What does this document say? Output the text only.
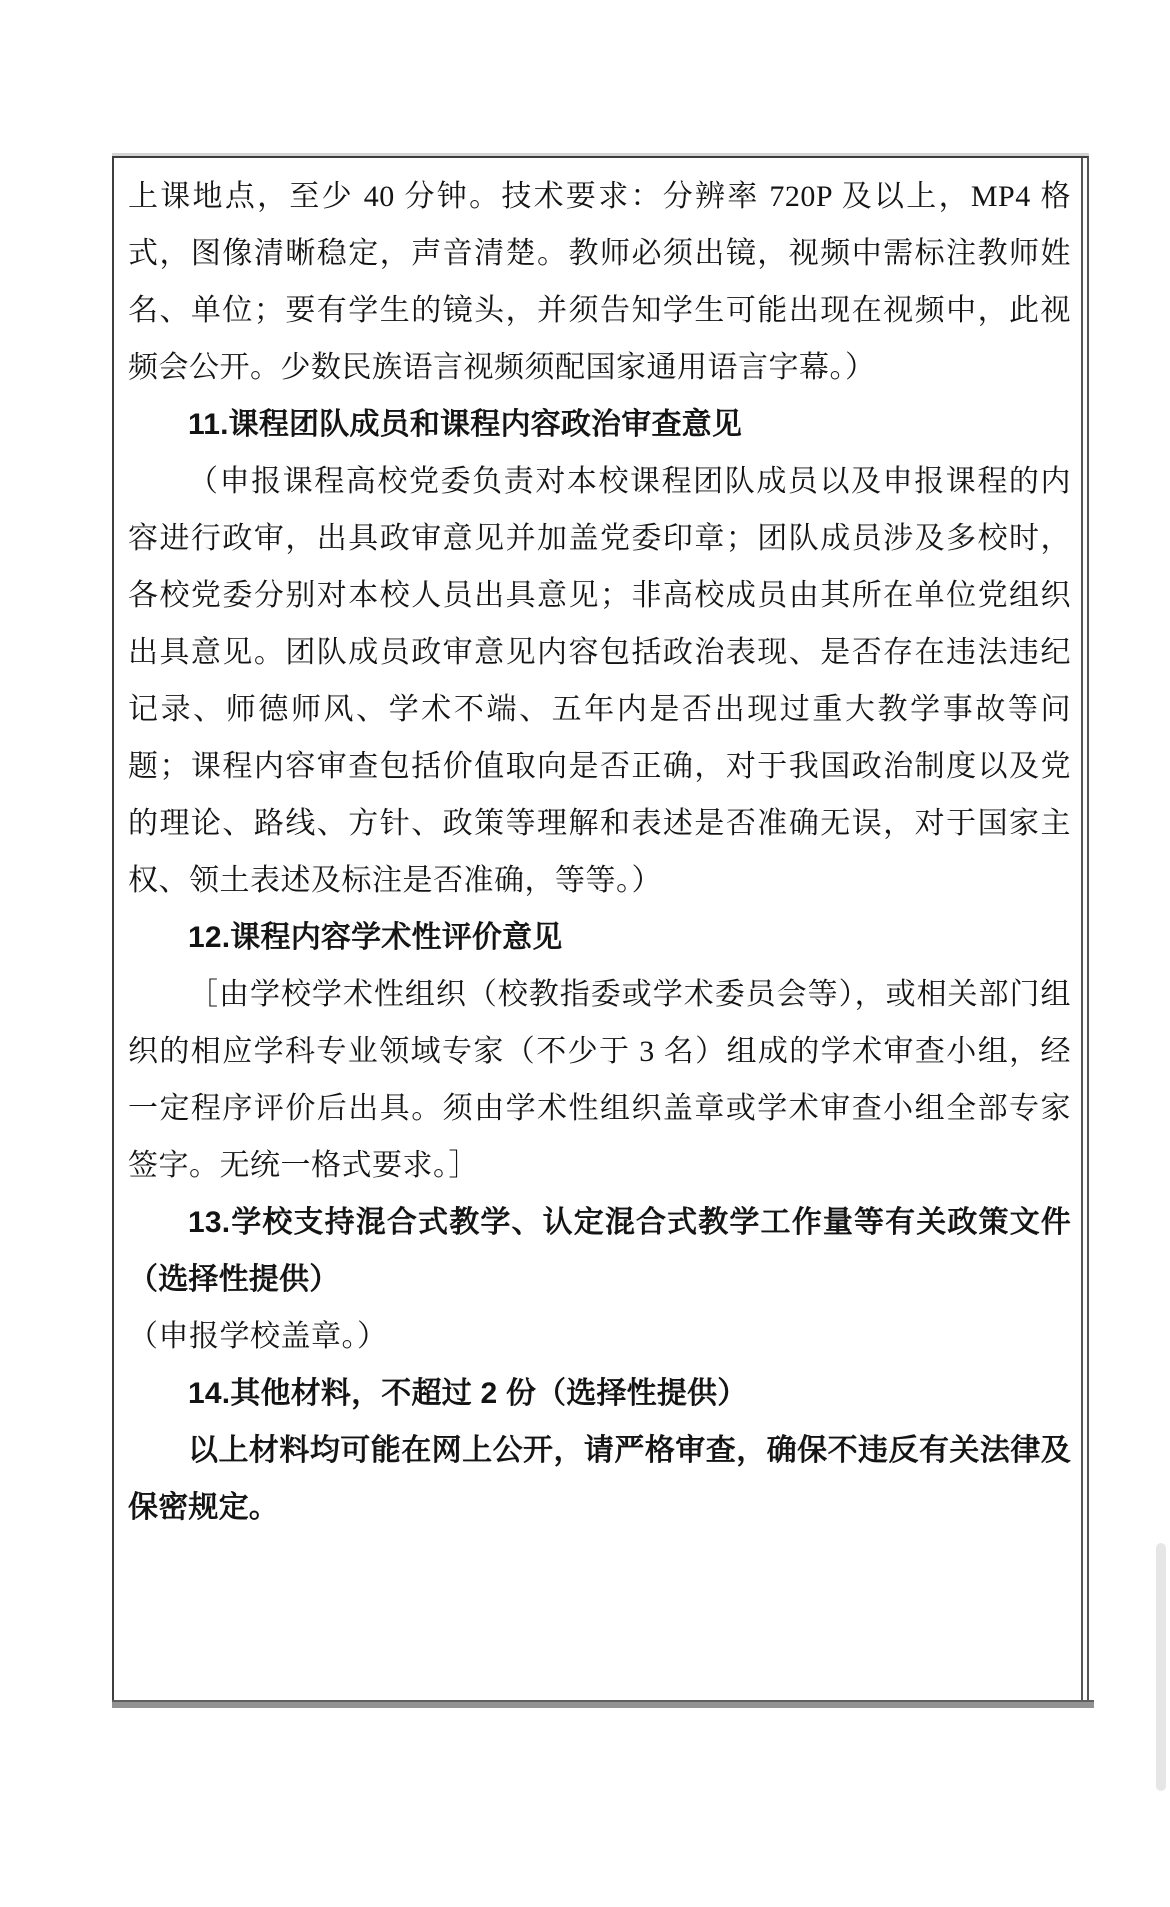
上课地点，至少 40 分钟。技术要求：分辨率 720P 及以上，MP4 格式，图像清晰稳定，声音清楚。教师必须出镜，视频中需标注教师姓名、单位；要有学生的镜头，并须告知学生可能出现在视频中，此视频会公开。少数民族语言视频须配国家通用语言字幕。）

11.课程团队成员和课程内容政治审查意见

（申报课程高校党委负责对本校课程团队成员以及申报课程的内容进行政审，出具政审意见并加盖党委印章；团队成员涉及多校时，各校党委分别对本校人员出具意见；非高校成员由其所在单位党组织出具意见。团队成员政审意见内容包括政治表现、是否存在违法违纪记录、师德师风、学术不端、五年内是否出现过重大教学事故等问题；课程内容审查包括价值取向是否正确，对于我国政治制度以及党的理论、路线、方针、政策等理解和表述是否准确无误，对于国家主权、领土表述及标注是否准确，等等。）

12.课程内容学术性评价意见

［由学校学术性组织（校教指委或学术委员会等），或相关部门组织的相应学科专业领域专家（不少于 3 名）组成的学术审查小组，经一定程序评价后出具。须由学术性组织盖章或学术审查小组全部专家签字。无统一格式要求。］

13.学校支持混合式教学、认定混合式教学工作量等有关政策文件（选择性提供）

（申报学校盖章。）

14.其他材料，不超过 2 份（选择性提供）

以上材料均可能在网上公开，请严格审查，确保不违反有关法律及保密规定。
